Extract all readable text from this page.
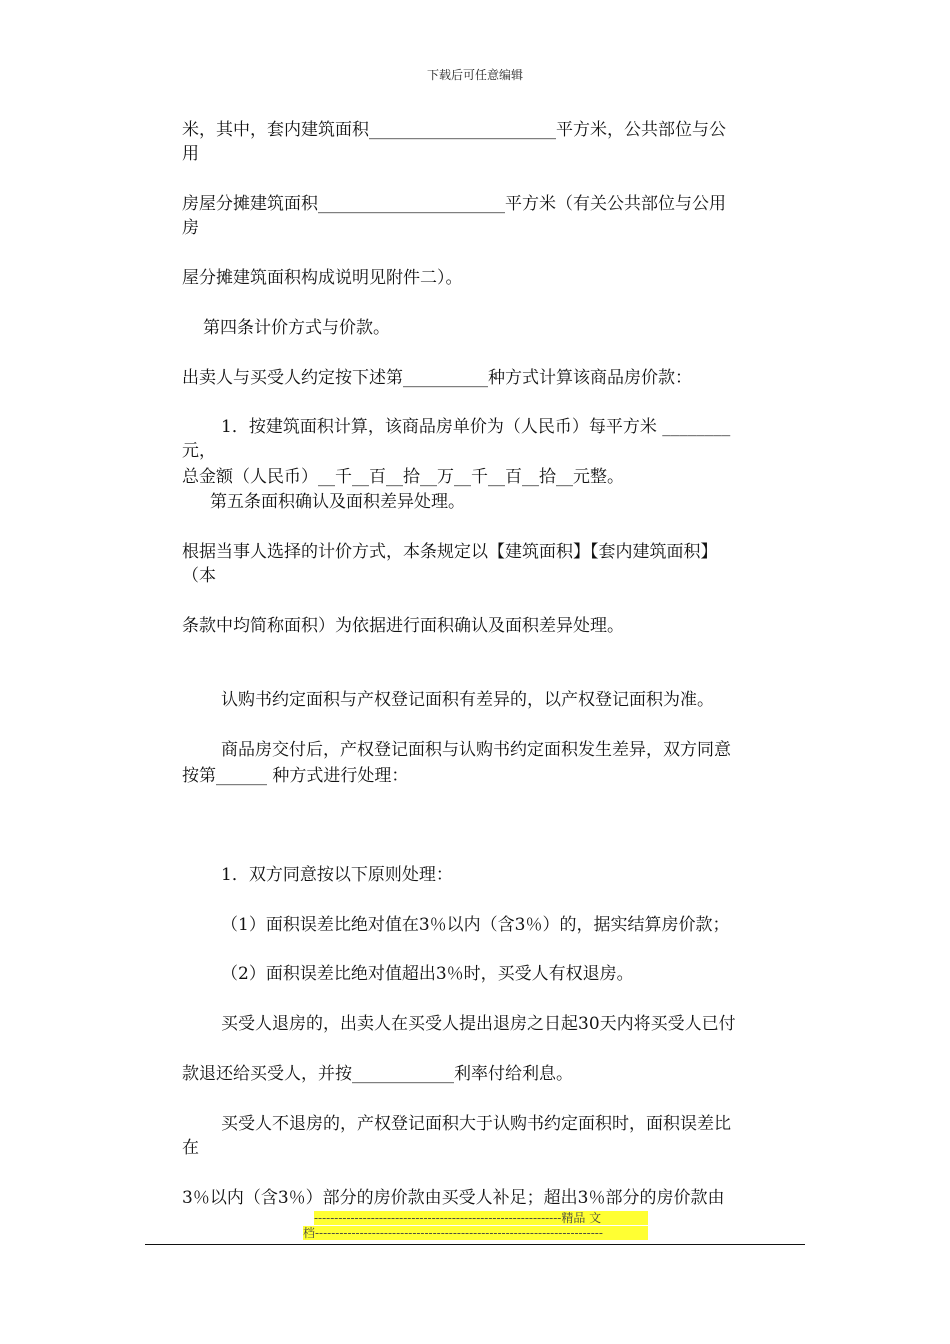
下载后可任意编辑
米，其中，套内建筑面积______________________平方米，公共部位与公
用
房屋分摊建筑面积______________________平方米（有关公共部位与公用
房
屋分摊建筑面积构成说明见附件二）。
第四条计价方式与价款。
出卖人与买受人约定按下述第__________种方式计算该商品房价款：
1．按建筑面积计算，该商品房单价为（人民币）每平方米 ________
元，
总金额（人民币）__千__百__拾__万__千__百__拾__元整。
第五条面积确认及面积差异处理。
根据当事人选择的计价方式，本条规定以【建筑面积】【套内建筑面积】
（本
条款中均简称面积）为依据进行面积确认及面积差异处理。
认购书约定面积与产权登记面积有差异的，以产权登记面积为准。
商品房交付后，产权登记面积与认购书约定面积发生差异，双方同意
按第______ 种方式进行处理：
1．双方同意按以下原则处理：
（1）面积误差比绝对值在3％以内（含3％）的，据实结算房价款；
（2）面积误差比绝对值超出3％时，买受人有权退房。
买受人退房的，出卖人在买受人提出退房之日起30天内将买受人已付
款退还给买受人，并按____________利率付给利息。
买受人不退房的，产权登记面积大于认购书约定面积时，面积误差比
在
3％以内（含3％）部分的房价款由买受人补足；超出3％部分的房价款由
-------------------------------------------------------------精品 文
档-----------------------------------------------------------------------
